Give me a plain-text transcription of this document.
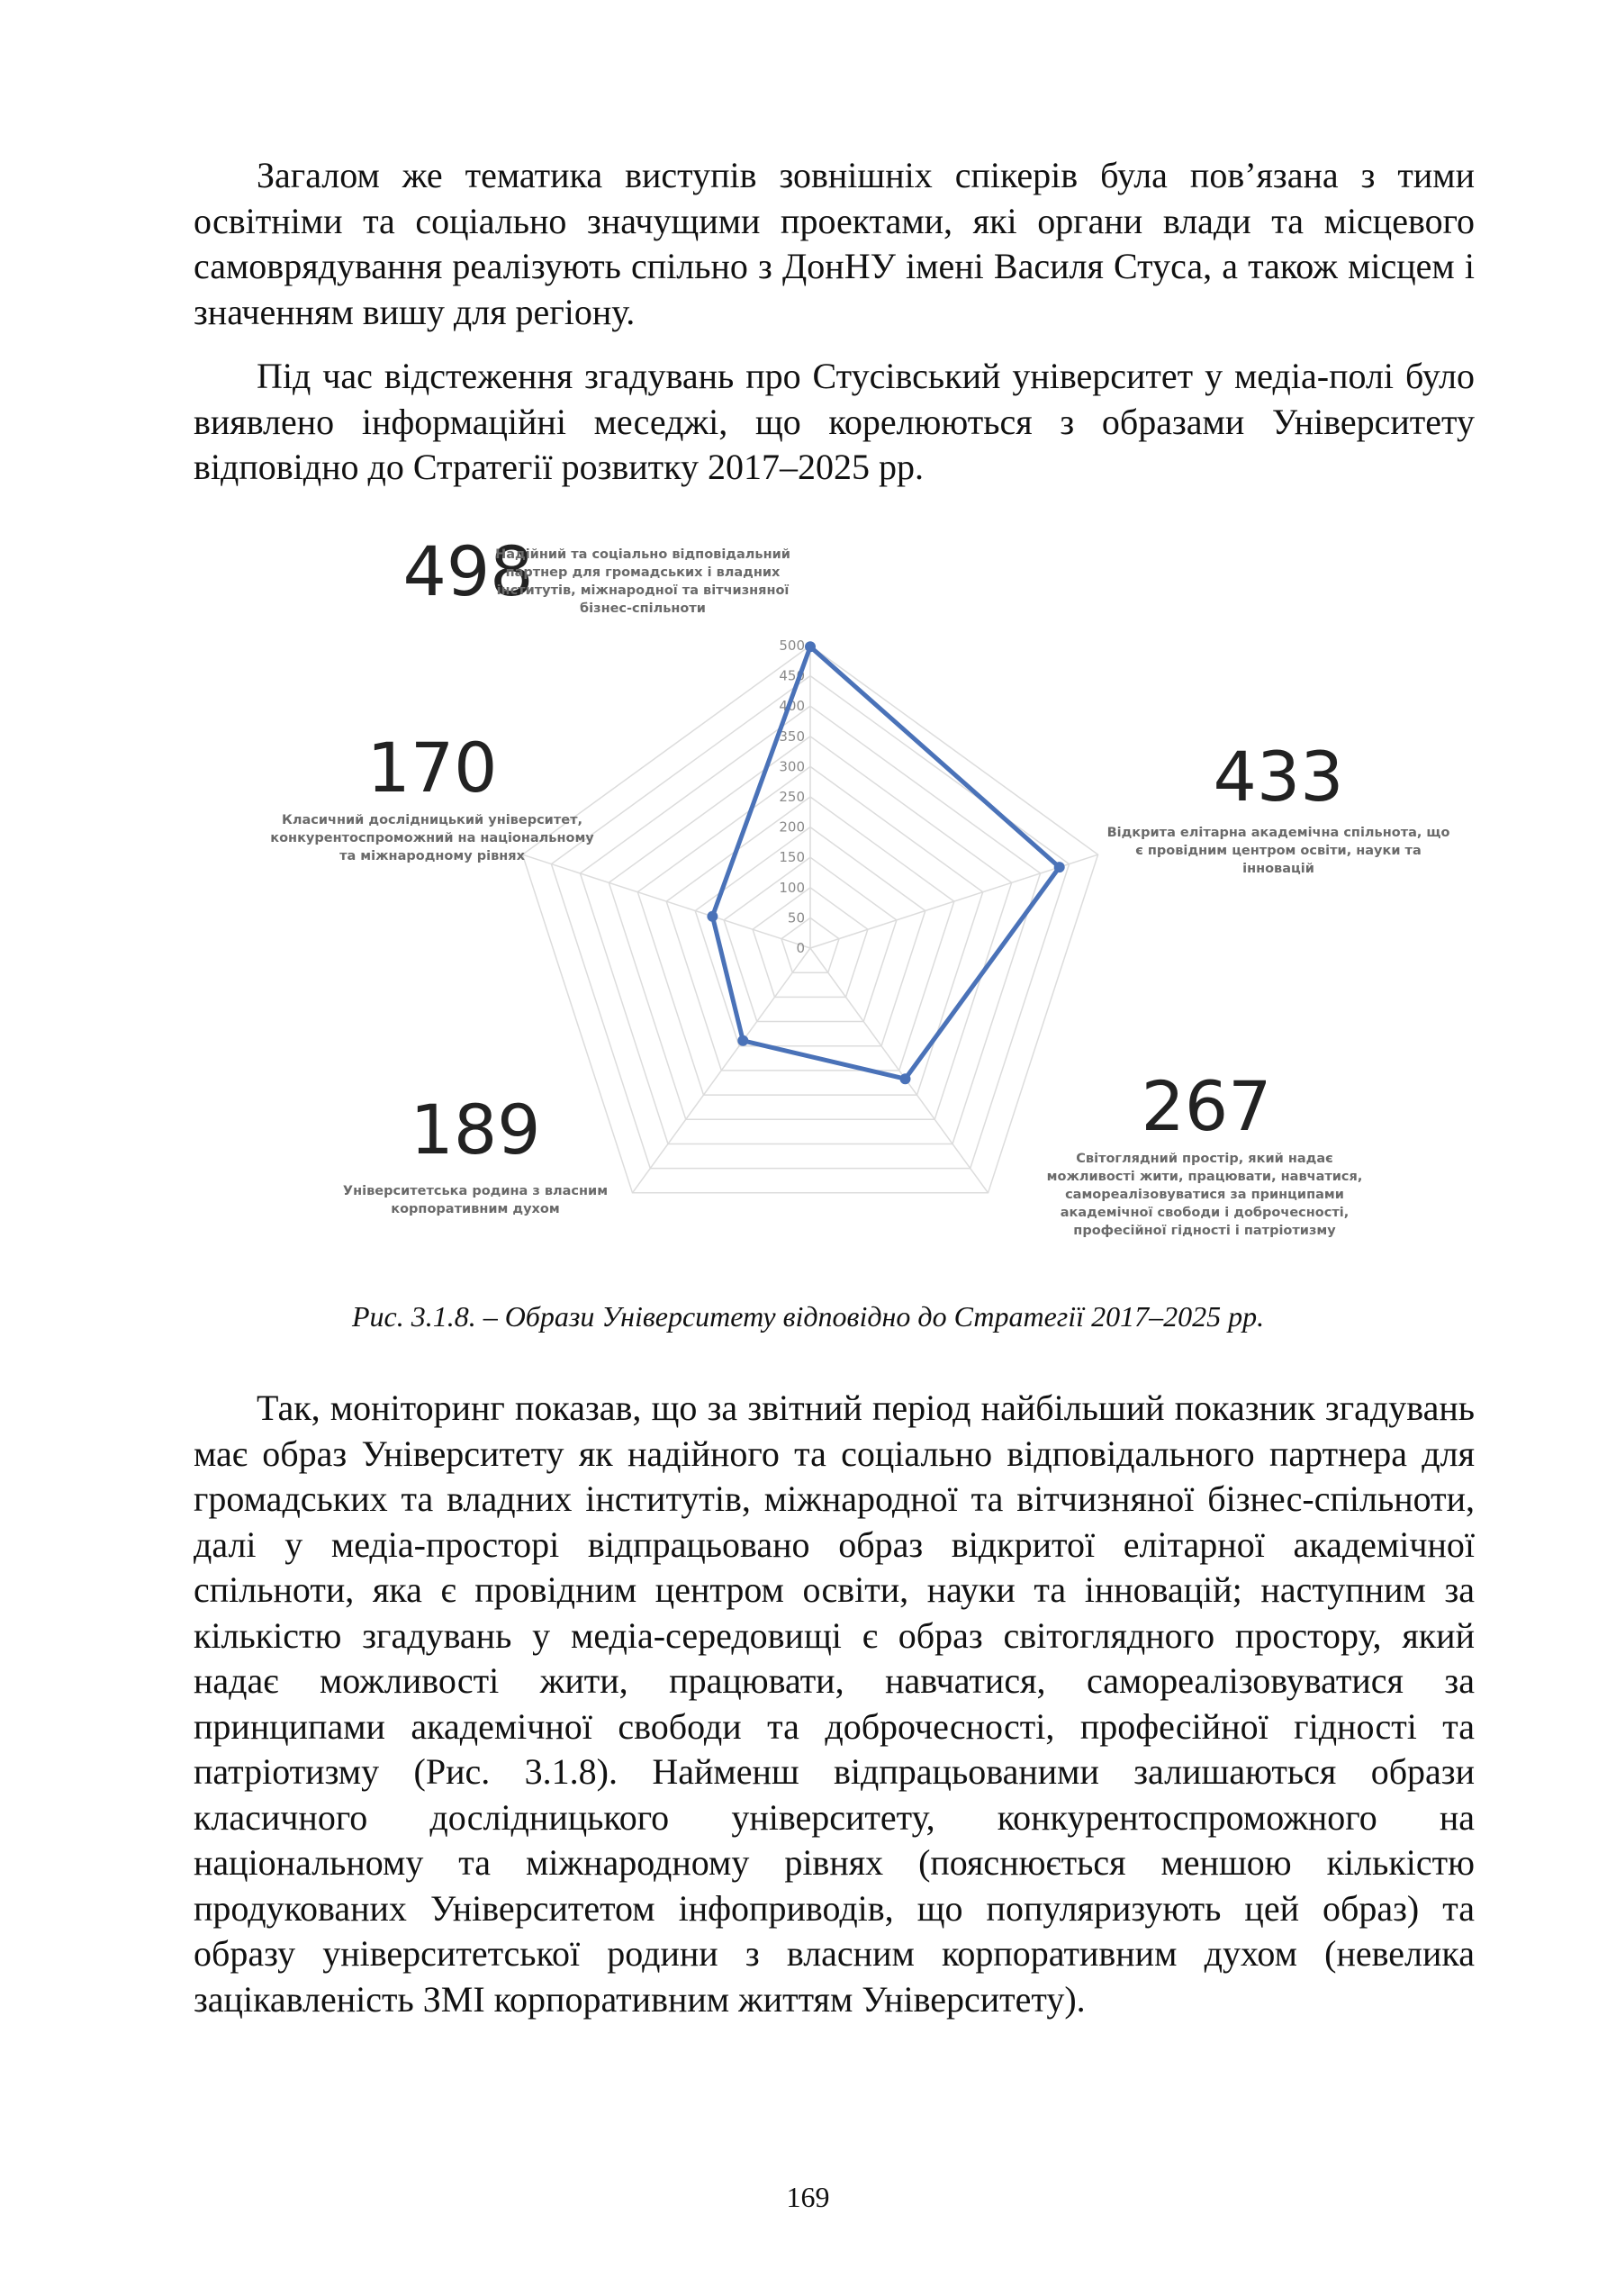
Загалом же тематика виступів зовнішніх спікерів була пов’язана з тими освітніми та соціально значущими проектами, які органи влади та місцевого самоврядування реалізують спільно з ДонНУ імені Василя Стуса, а також місцем і значенням вишу для регіону.

Під час відстеження згадувань про Стусівський університет у медіа-полі було виявлено інформаційні меседжі, що корелюються з образами Університету відповідно до Стратегії розвитку 2017–2025 рр.

0
50
100
150
200
250
300
350
400
450
500
498
433
267
189
170
Надійний та соціально відповідальний
партнер для громадських і владних
інститутів, міжнародної та вітчизняної
бізнес-спільноти
Відкрита елітарна академічна спільнота, що
є провідним центром освіти, науки та
інновацій
Світоглядний простір, який надає
можливості жити, працювати, навчатися,
самореалізовуватися за принципами
академічної свободи і доброчесності,
професійної гідності і патріотизму
Університетська родина з власним
корпоративним духом
Класичний дослідницький університет,
конкурентоспроможний на національному
та міжнародному рівнях

Рис. 3.1.8. – Образи Університету відповідно до Стратегії 2017–2025 рр.

Так, моніторинг показав, що за звітний період найбільший показник згадувань має образ Університету як надійного та соціально відповідального партнера для громадських та владних інститутів, міжнародної та вітчизняної бізнес-спільноти, далі у медіа-просторі відпрацьовано образ відкритої елітарної академічної спільноти, яка є провідним центром освіти, науки та інновацій; наступним за кількістю згадувань у медіа-середовищі є образ світоглядного простору, який надає можливості жити, працювати, навчатися, самореалізовуватися за принципами академічної свободи та доброчесності, професійної гідності та патріотизму (Рис. 3.1.8). Найменш відпрацьованими залишаються образи класичного дослідницького університету, конкурентоспроможного на національному та міжнародному рівнях (пояснюється меншою кількістю продукованих Університетом інфоприводів, що популяризують цей образ) та образу університетської родини з власним корпоративним духом (невелика зацікавленість ЗМІ корпоративним життям Університету).

169
